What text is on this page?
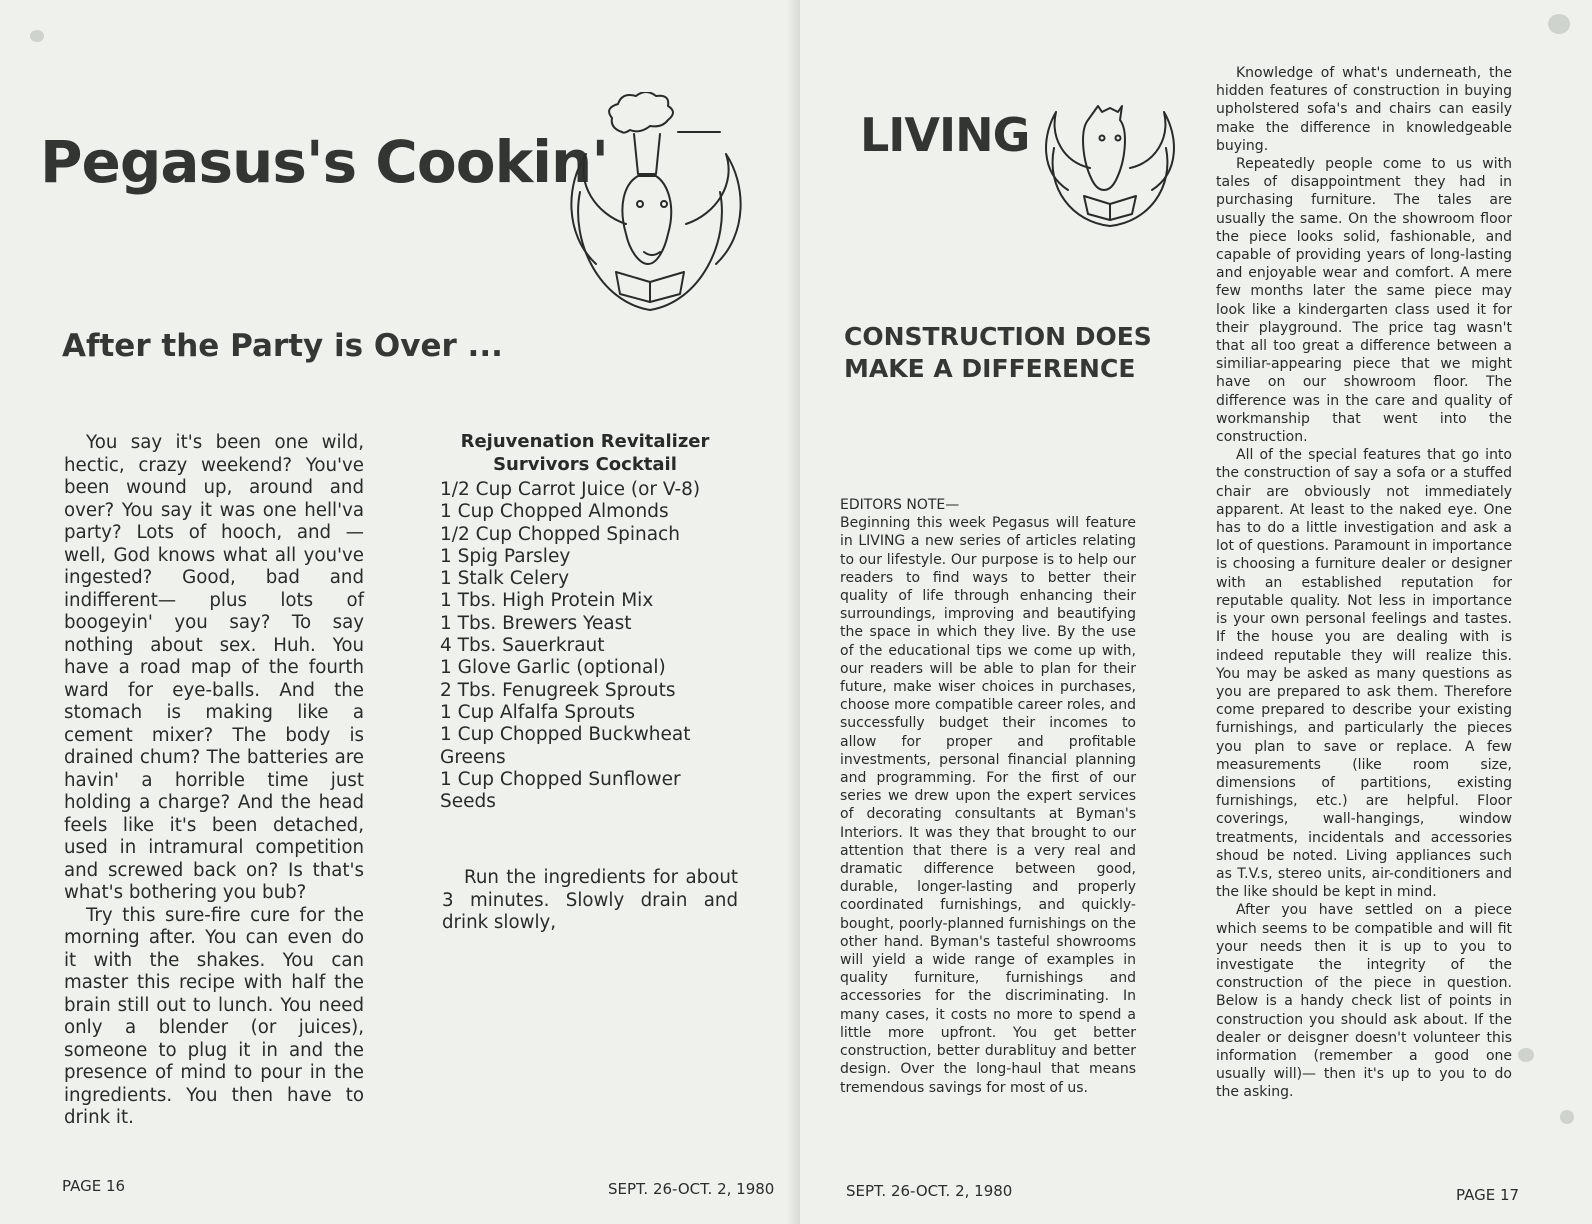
Pegasus's Cookin'
After the Party is Over ...

You say it's been one wild, hectic, crazy weekend? You've been wound up, around and over? You say it was one hell'va party? Lots of hooch, and — well, God knows what all you've ingested? Good, bad and indifferent— plus lots of boogeyin' you say? To say nothing about sex. Huh. You have a road map of the fourth ward for eye-balls. And the stomach is making like a cement mixer? The body is drained chum? The batteries are havin' a horrible time just holding a charge? And the head feels like it's been detached, used in intramural competition and screwed back on? Is that's what's bothering you bub?

Try this sure-fire cure for the morning after. You can even do it with the shakes. You can master this recipe with half the brain still out to lunch. You need only a blender (or juices), someone to plug it in and the presence of mind to pour in the ingredients. You then have to drink it.

Rejuvenation Revitalizer
Survivors Cocktail
1/2 Cup Carrot Juice (or V-8)
1 Cup Chopped Almonds
1/2 Cup Chopped Spinach
1 Spig Parsley
1 Stalk Celery
1 Tbs. High Protein Mix
1 Tbs. Brewers Yeast
4 Tbs. Sauerkraut
1 Glove Garlic (optional)
2 Tbs. Fenugreek Sprouts
1 Cup Alfalfa Sprouts
1 Cup Chopped Buckwheat Greens
1 Cup Chopped Sunflower Seeds

Run the ingredients for about 3 minutes. Slowly drain and drink slowly,

PAGE 16	SEPT. 26-OCT. 2, 1980
LIVING
CONSTRUCTION DOES
MAKE A DIFFERENCE

EDITORS NOTE—

Beginning this week Pegasus will feature in LIVING a new series of articles relating to our lifestyle. Our purpose is to help our readers to find ways to better their quality of life through enhancing their surroundings, improving and beautifying the space in which they live. By the use of the educational tips we come up with, our readers will be able to plan for their future, make wiser choices in purchases, choose more compatible career roles, and successfully budget their incomes to allow for proper and profitable investments, personal financial planning and programming. For the first of our series we drew upon the expert services of decorating consultants at Byman's Interiors. It was they that brought to our attention that there is a very real and dramatic difference between good, durable, longer-lasting and properly coordinated furnishings, and quickly-bought, poorly-planned furnishings on the other hand. Byman's tasteful showrooms will yield a wide range of examples in quality furniture, furnishings and accessories for the discriminating. In many cases, it costs no more to spend a little more upfront. You get better construction, better durablituy and better design. Over the long-haul that means tremendous savings for most of us.

Knowledge of what's underneath, the hidden features of construction in buying upholstered sofa's and chairs can easily make the difference in knowledgeable buying.

Repeatedly people come to us with tales of disappointment they had in purchasing furniture. The tales are usually the same. On the showroom floor the piece looks solid, fashionable, and capable of providing years of long-lasting and enjoyable wear and comfort. A mere few months later the same piece may look like a kindergarten class used it for their playground. The price tag wasn't that all too great a difference between a similiar-appearing piece that we might have on our showroom floor. The difference was in the care and quality of workmanship that went into the construction.

All of the special features that go into the construction of say a sofa or a stuffed chair are obviously not immediately apparent. At least to the naked eye. One has to do a little investigation and ask a lot of questions. Paramount in importance is choosing a furniture dealer or designer with an established reputation for reputable quality. Not less in importance is your own personal feelings and tastes. If the house you are dealing with is indeed reputable they will realize this. You may be asked as many questions as you are prepared to ask them. Therefore come prepared to describe your existing furnishings, and particularly the pieces you plan to save or replace. A few measurements (like room size, dimensions of partitions, existing furnishings, etc.) are helpful. Floor coverings, wall-hangings, window treatments, incidentals and accessories shoud be noted. Living appliances such as T.V.s, stereo units, air-conditioners and the like should be kept in mind.

After you have settled on a piece which seems to be compatible and will fit your needs then it is up to you to investigate the integrity of the construction of the piece in question. Below is a handy check list of points in construction you should ask about. If the dealer or deisgner doesn't volunteer this information (remember a good one usually will)— then it's up to you to do the asking.

SEPT. 26-OCT. 2, 1980	PAGE 17
